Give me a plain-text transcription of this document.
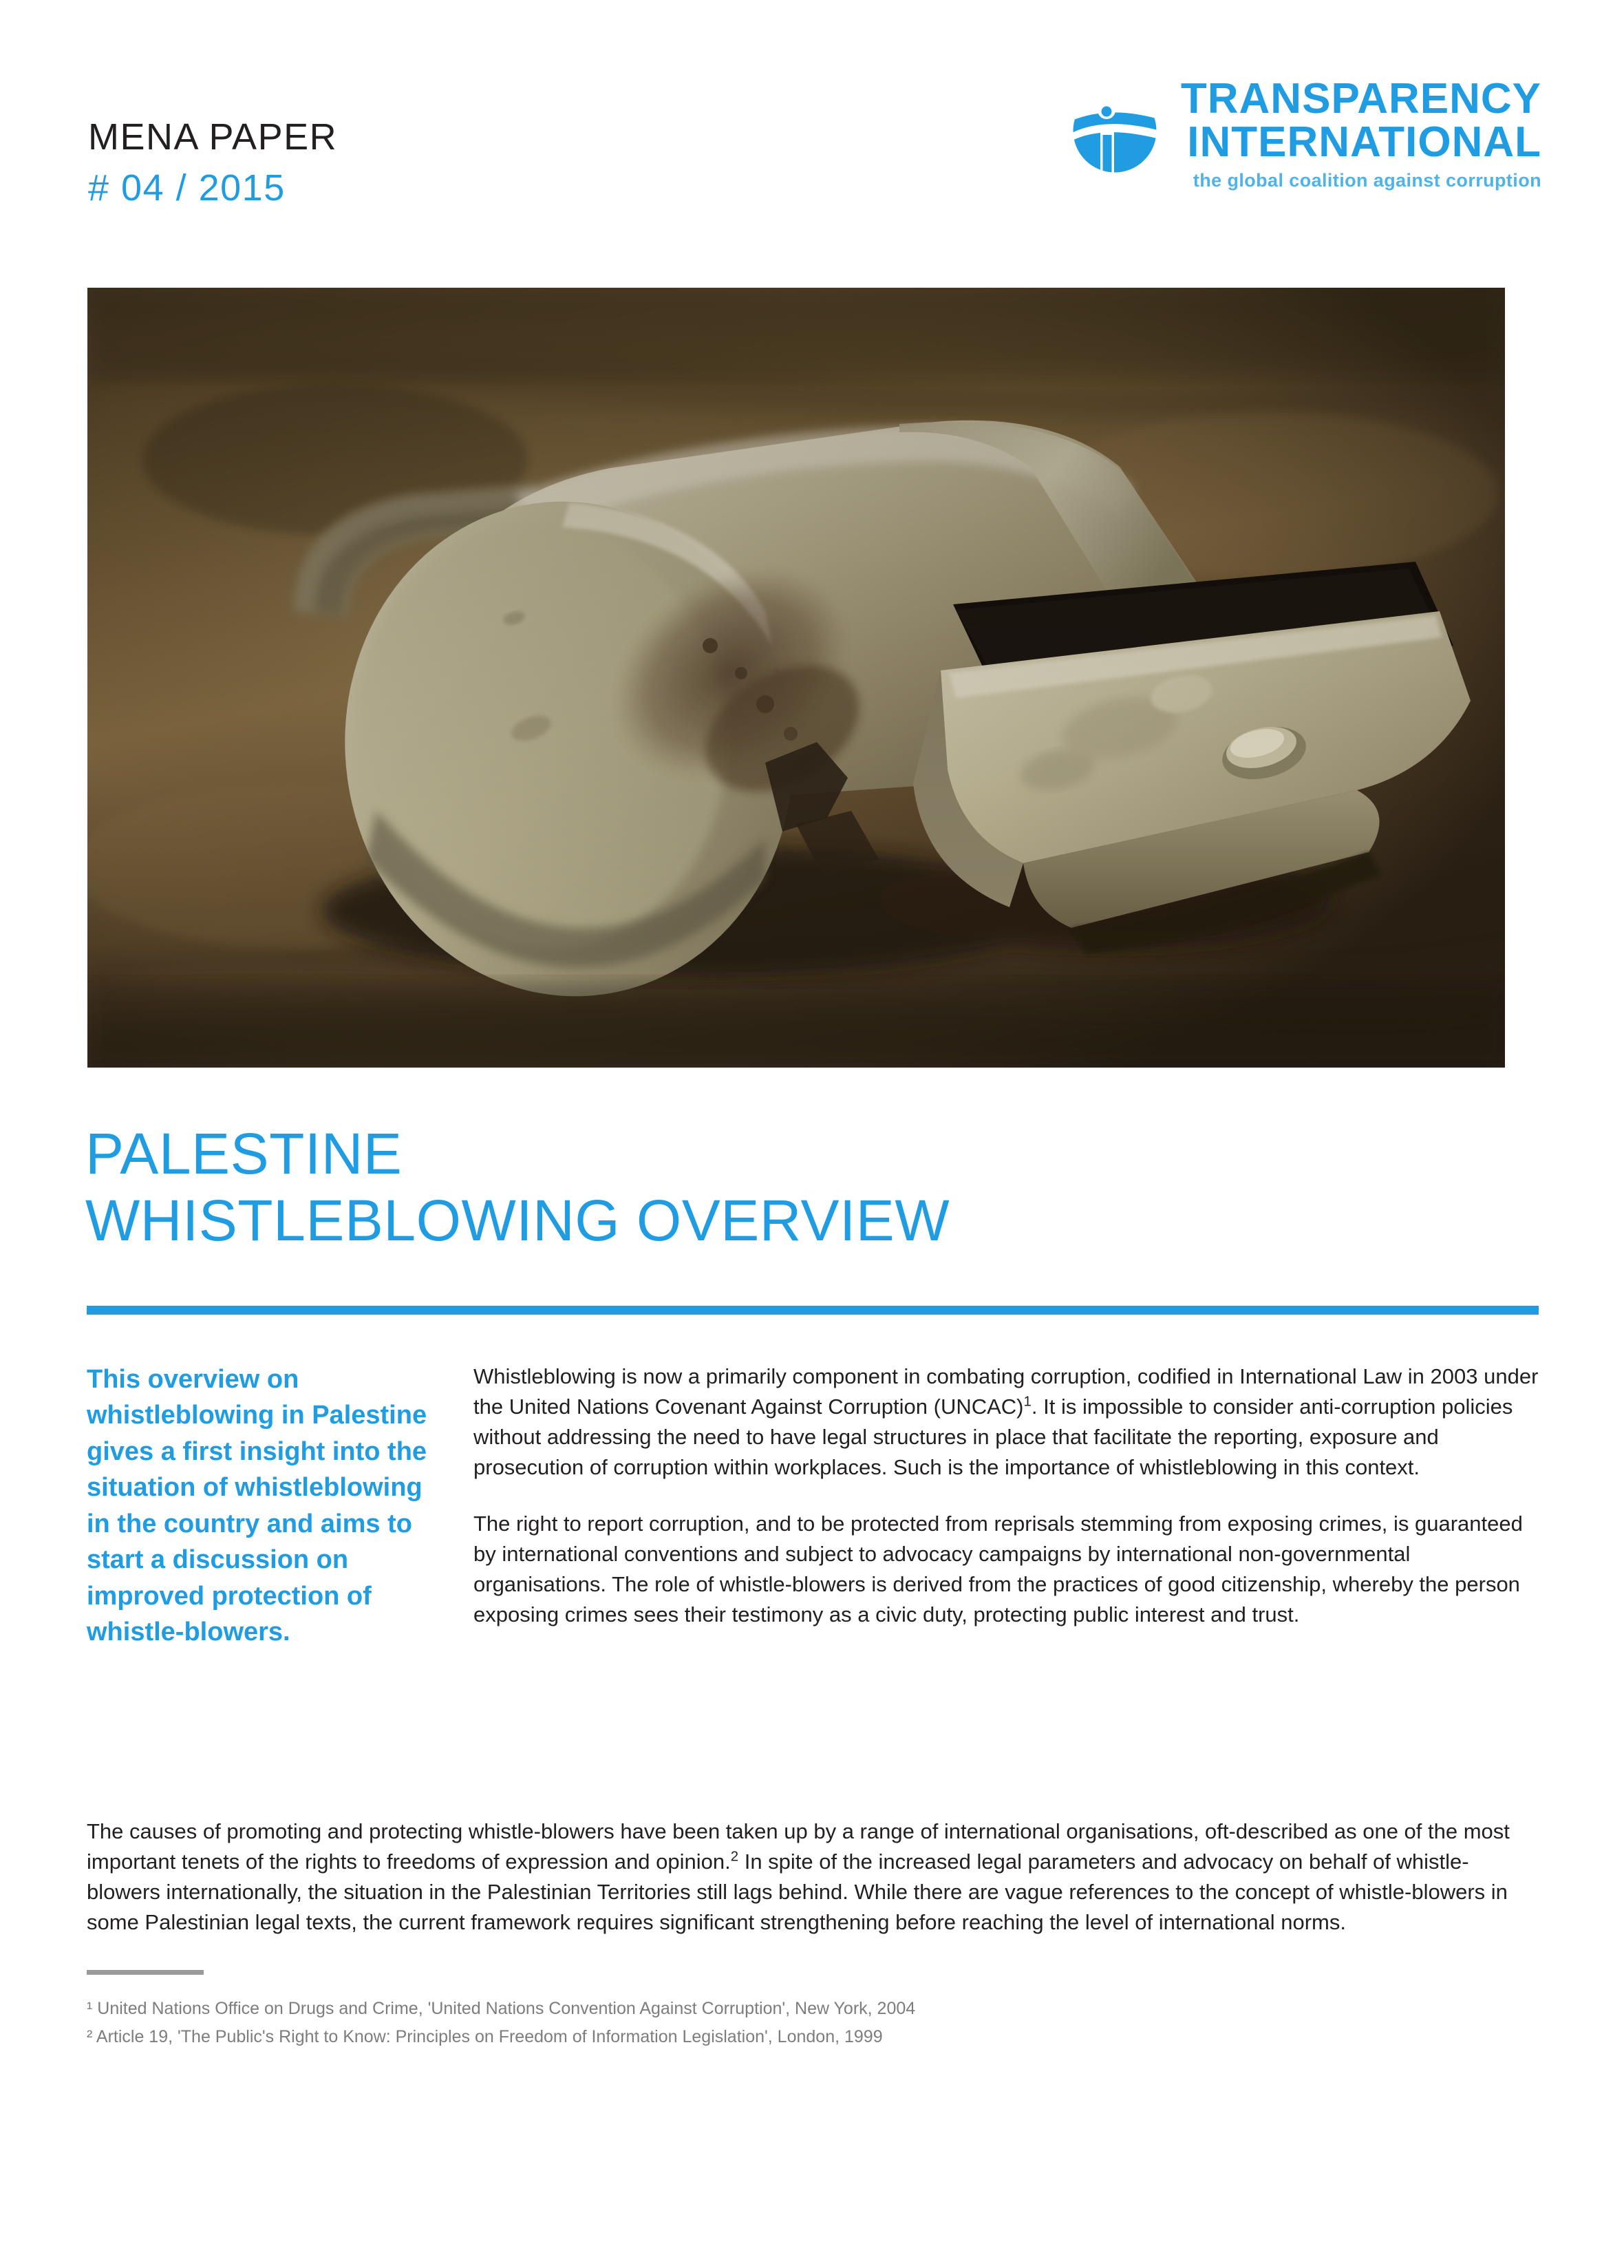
MENA PAPER
# 04 / 2015
TRANSPARENCY
INTERNATIONAL
the global coalition against corruption
PALESTINE
WHISTLEBLOWING OVERVIEW
This overview on whistleblowing in Palestine gives a first insight into the situation of whistleblowing in the country and aims to start a discussion on improved protection of whistle-blowers.

Whistleblowing is now a primarily component in combating corruption, codified in International Law in 2003 under the United Nations Covenant Against Corruption (UNCAC)$^1$. It is impossible to consider anti-corruption policies without addressing the need to have legal structures in place that facilitate the reporting, exposure and prosecution of corruption within workplaces. Such is the importance of whistleblowing in this context.

The right to report corruption, and to be protected from reprisals stemming from exposing crimes, is guaranteed by international conventions and subject to advocacy campaigns by international non-governmental organisations. The role of whistle-blowers is derived from the practices of good citizenship, whereby the person exposing crimes sees their testimony as a civic duty, protecting public interest and trust.

The causes of promoting and protecting whistle-blowers have been taken up by a range of international organisations, oft-described as one of the most important tenets of the rights to freedoms of expression and opinion.$^2$ In spite of the increased legal parameters and advocacy on behalf of whistle-blowers internationally, the situation in the Palestinian Territories still lags behind. While there are vague references to the concept of whistle-blowers in some Palestinian legal texts, the current framework requires significant strengthening before reaching the level of international norms.

¹ United Nations Office on Drugs and Crime, 'United Nations Convention Against Corruption', New York, 2004
² Article 19, 'The Public's Right to Know: Principles on Freedom of Information Legislation', London, 1999
